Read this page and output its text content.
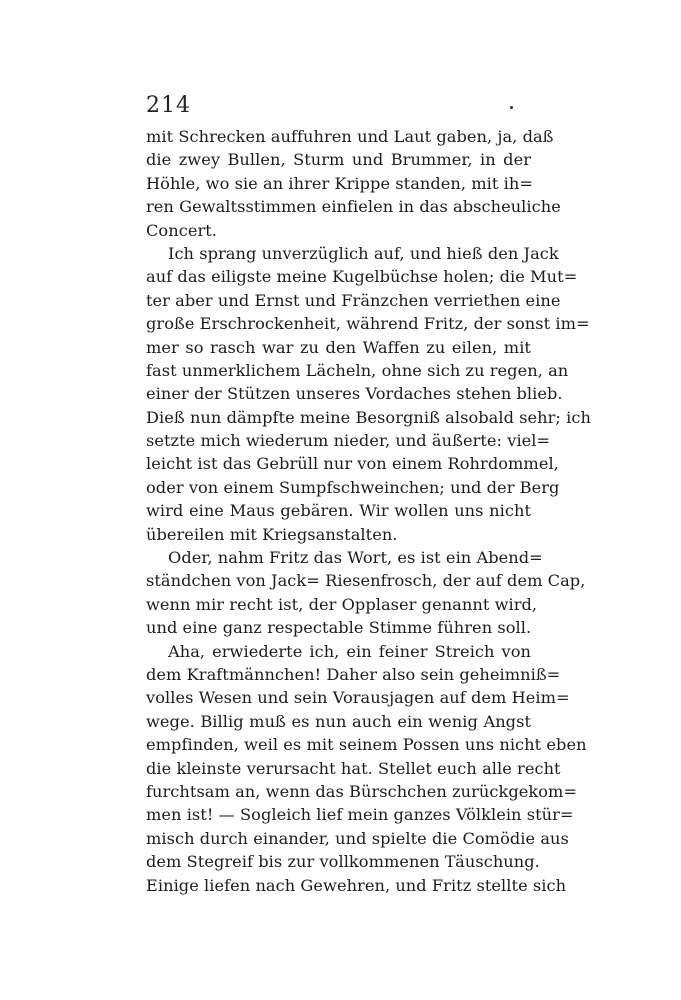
214
mit Schrecken auffuhren und Laut gaben, ja, daß
die zwey Bullen, Sturm und Brummer, in der
Höhle, wo sie an ihrer Krippe standen, mit ih=
ren Gewaltsstimmen einfielen in das abscheuliche
Concert.
Ich sprang unverzüglich auf, und hieß den Jack
auf das eiligste meine Kugelbüchse holen; die Mut=
ter aber und Ernst und Fränzchen verriethen eine
große Erschrockenheit, während Fritz, der sonst im=
mer so rasch war zu den Waffen zu eilen, mit
fast unmerklichem Lächeln, ohne sich zu regen, an
einer der Stützen unseres Vordaches stehen blieb.
Dieß nun dämpfte meine Besorgniß alsobald sehr; ich
setzte mich wiederum nieder, und äußerte: viel=
leicht ist das Gebrüll nur von einem Rohrdommel,
oder von einem Sumpfschweinchen; und der Berg
wird eine Maus gebären. Wir wollen uns nicht
übereilen mit Kriegsanstalten.
Oder, nahm Fritz das Wort, es ist ein Abend=
ständchen von Jack= Riesenfrosch, der auf dem Cap,
wenn mir recht ist, der Opplaser genannt wird,
und eine ganz respectable Stimme führen soll.
Aha, erwiederte ich, ein feiner Streich von
dem Kraftmännchen! Daher also sein geheimniß=
volles Wesen und sein Vorausjagen auf dem Heim=
wege. Billig muß es nun auch ein wenig Angst
empfinden, weil es mit seinem Possen uns nicht eben
die kleinste verursacht hat. Stellet euch alle recht
furchtsam an, wenn das Bürschchen zurückgekom=
men ist! — Sogleich lief mein ganzes Völklein stür=
misch durch einander, und spielte die Comödie aus
dem Stegreif bis zur vollkommenen Täuschung.
Einige liefen nach Gewehren, und Fritz stellte sich
